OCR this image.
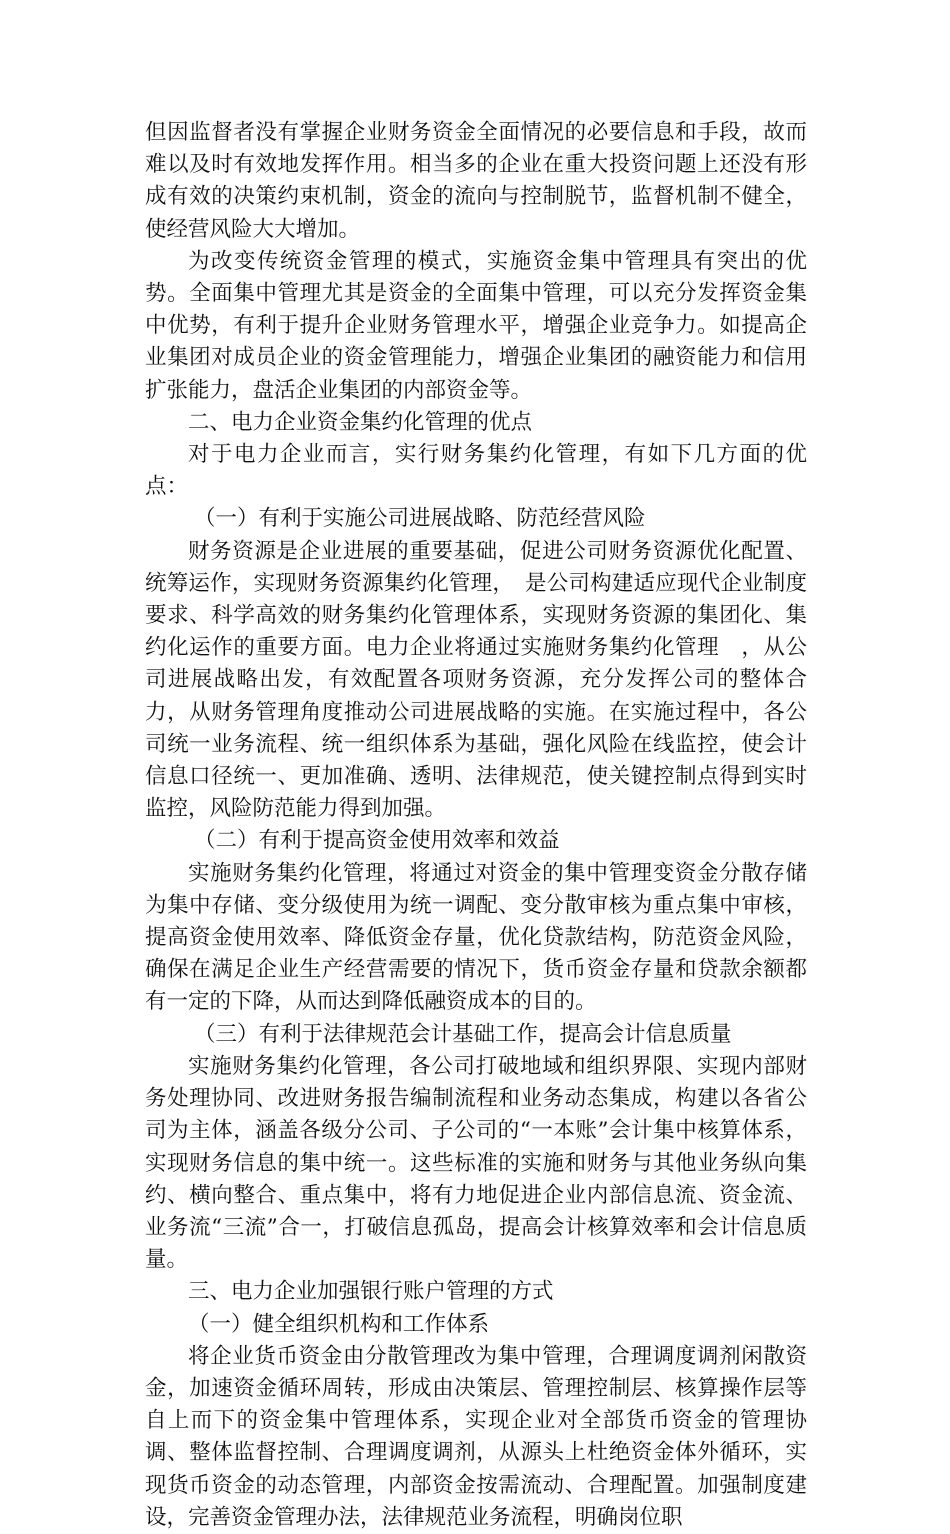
但因监督者没有掌握企业财务资金全面情况的必要信息和手段，故而难以及时有效地发挥作用。相当多的企业在重大投资问题上还没有形成有效的决策约束机制，资金的流向与控制脱节，监督机制不健全，使经营风险大大增加。

为改变传统资金管理的模式，实施资金集中管理具有突出的优势。全面集中管理尤其是资金的全面集中管理，可以充分发挥资金集中优势，有利于提升企业财务管理水平，增强企业竞争力。如提高企业集团对成员企业的资金管理能力，增强企业集团的融资能力和信用扩张能力，盘活企业集团的内部资金等。

二、电力企业资金集约化管理的优点

对于电力企业而言，实行财务集约化管理，有如下几方面的优点：

（一）有利于实施公司进展战略、防范经营风险

财务资源是企业进展的重要基础，促进公司财务资源优化配置、统筹运作，实现财务资源集约化管理，　是公司构建适应现代企业制度要求、科学高效的财务集约化管理体系，实现财务资源的集团化、集约化运作的重要方面。电力企业将通过实施财务集约化管理　，从公司进展战略出发，有效配置各项财务资源，充分发挥公司的整体合力，从财务管理角度推动公司进展战略的实施。在实施过程中，各公司统一业务流程、统一组织体系为基础，强化风险在线监控，使会计信息口径统一、更加准确、透明、法律规范，使关键控制点得到实时监控，风险防范能力得到加强。

（二）有利于提高资金使用效率和效益

实施财务集约化管理，将通过对资金的集中管理变资金分散存储为集中存储、变分级使用为统一调配、变分散审核为重点集中审核，提高资金使用效率、降低资金存量，优化贷款结构，防范资金风险，确保在满足企业生产经营需要的情况下，货币资金存量和贷款余额都有一定的下降，从而达到降低融资成本的目的。

（三）有利于法律规范会计基础工作，提高会计信息质量

实施财务集约化管理，各公司打破地域和组织界限、实现内部财务处理协同、改进财务报告编制流程和业务动态集成，构建以各省公司为主体，涵盖各级分公司、子公司的“一本账”会计集中核算体系，实现财务信息的集中统一。这些标准的实施和财务与其他业务纵向集约、横向整合、重点集中，将有力地促进企业内部信息流、资金流、业务流“三流”合一，打破信息孤岛，提高会计核算效率和会计信息质量。

三、电力企业加强银行账户管理的方式

（一）健全组织机构和工作体系

将企业货币资金由分散管理改为集中管理，合理调度调剂闲散资金，加速资金循环周转，形成由决策层、管理控制层、核算操作层等自上而下的资金集中管理体系，实现企业对全部货币资金的管理协调、整体监督控制、合理调度调剂，从源头上杜绝资金体外循环，实现货币资金的动态管理，内部资金按需流动、合理配置。加强制度建设，完善资金管理办法，法律规范业务流程，明确岗位职
